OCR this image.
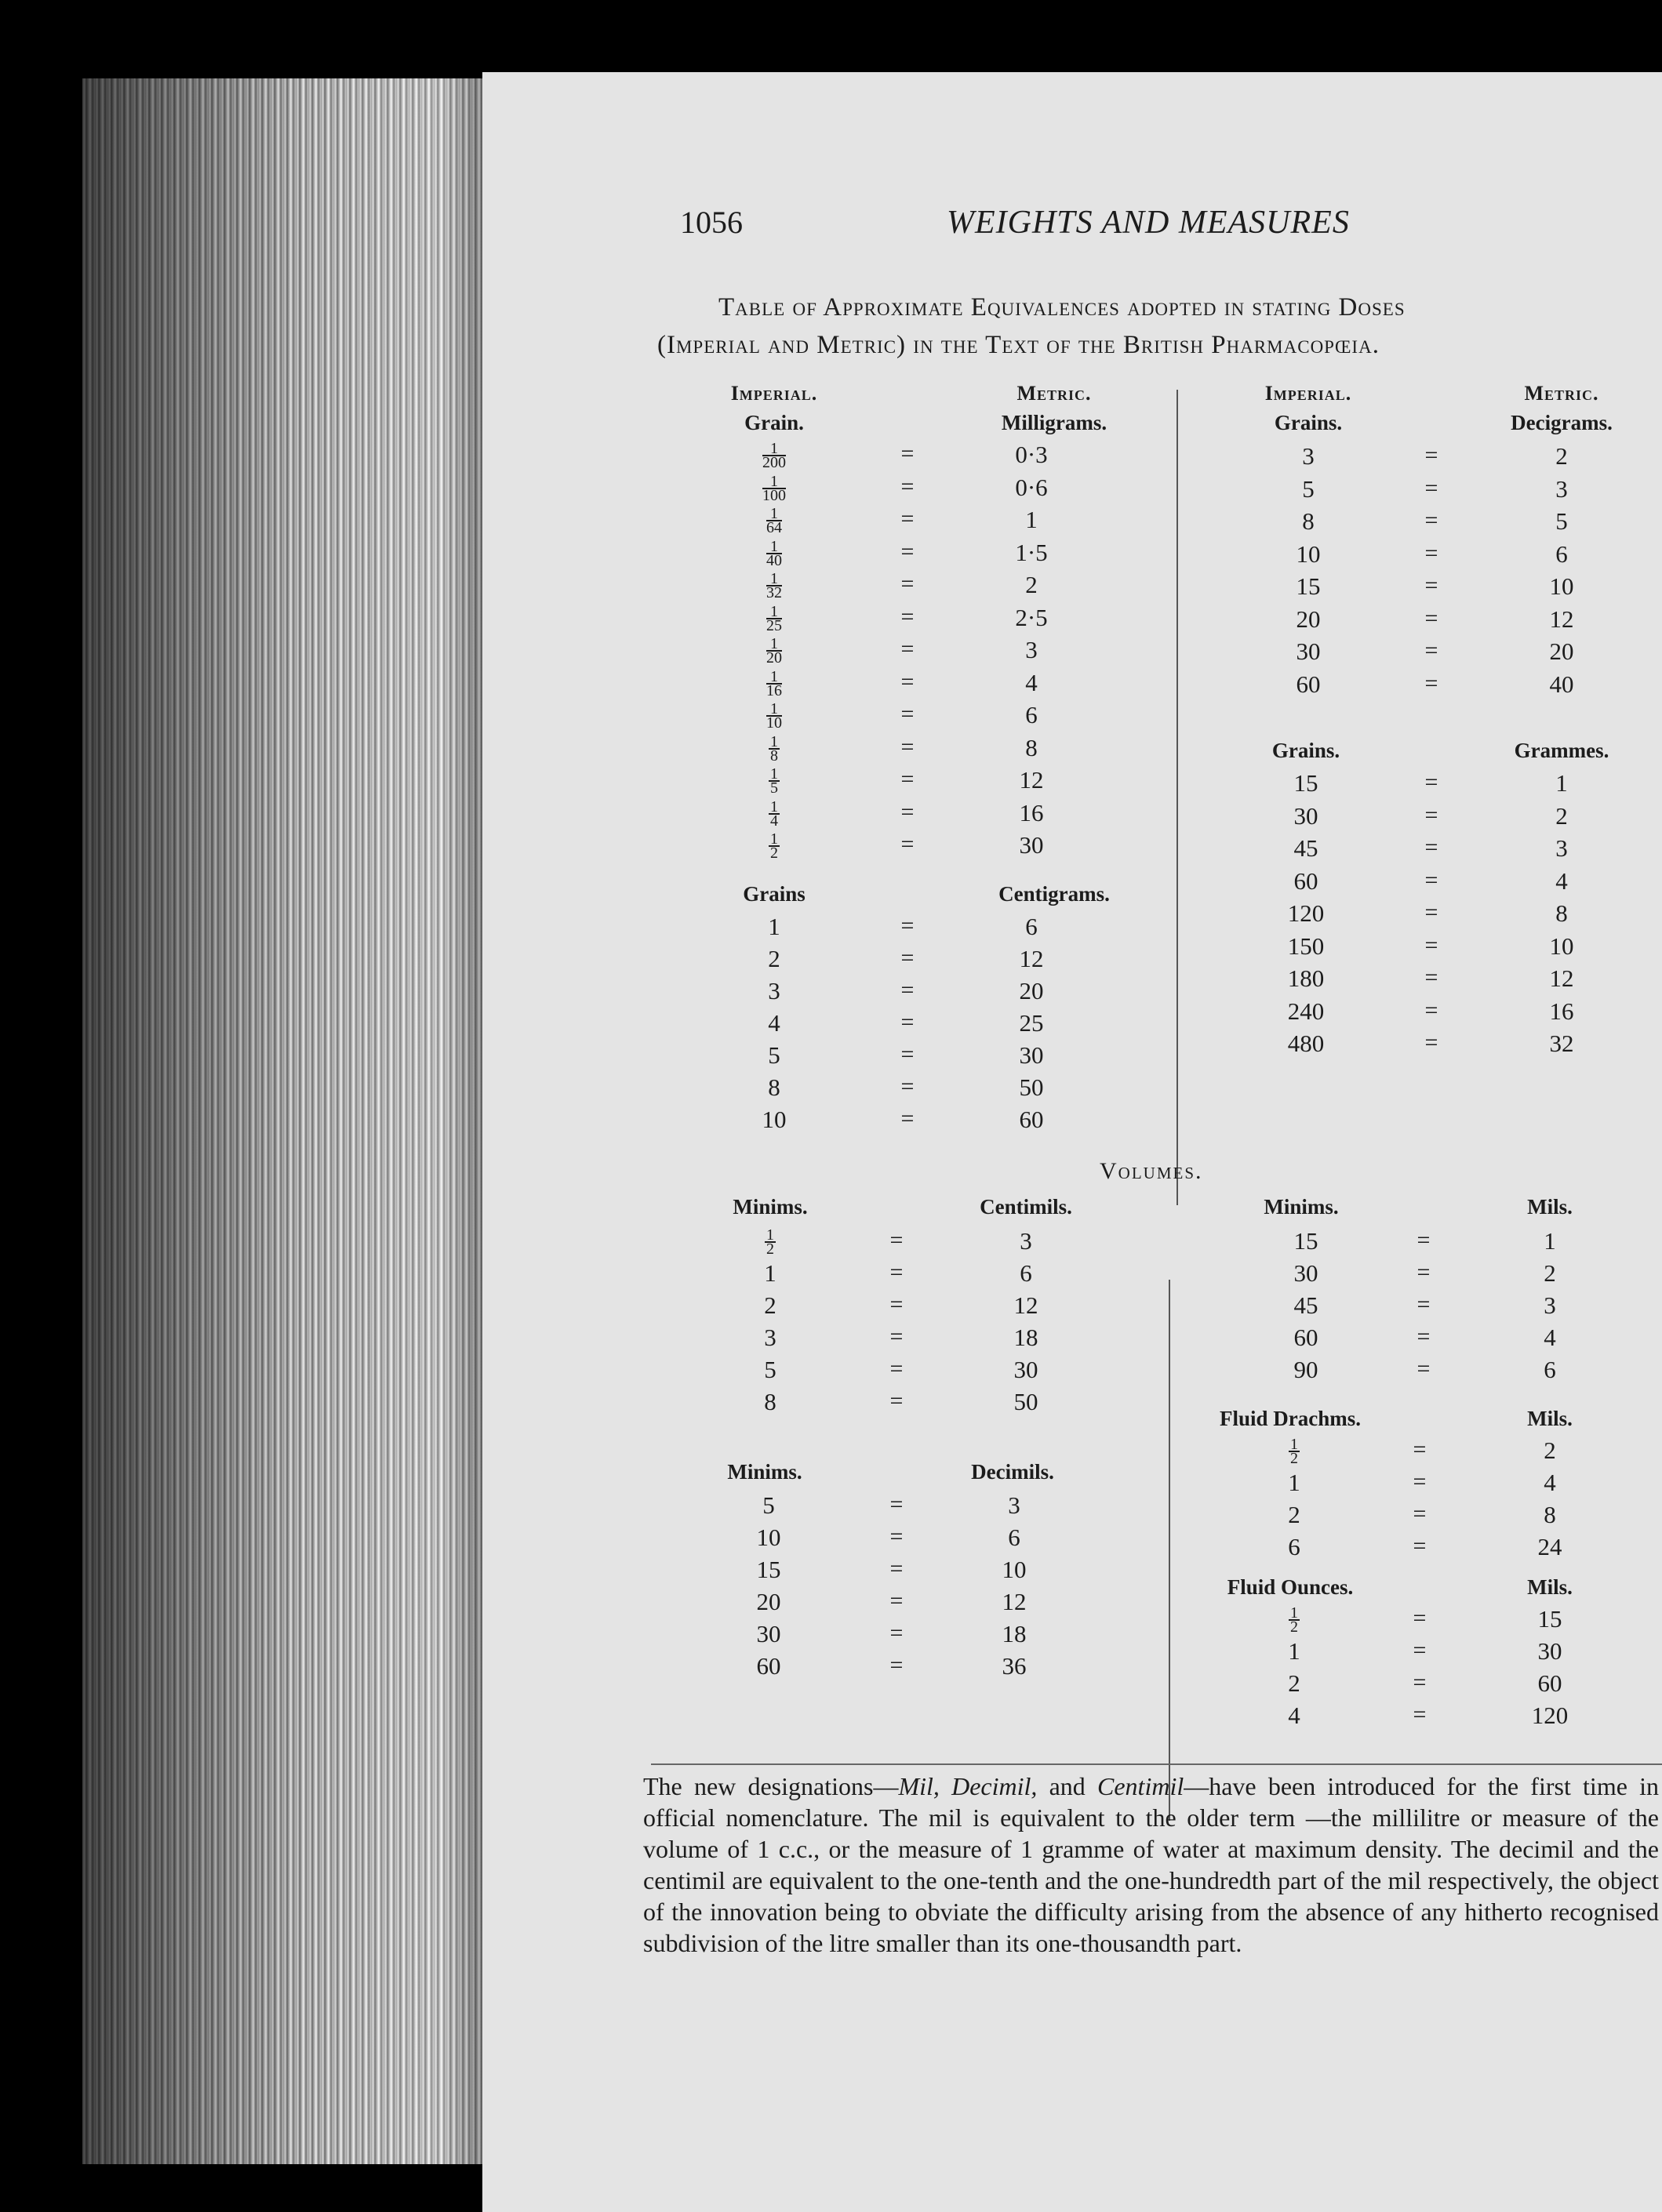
1056	WEIGHTS AND MEASURES
Table of Approximate Equivalences adopted in stating Doses
(Imperial and Metric) in the Text of the British Pharmacopœia.
Imperial.	Metric.
Grain.	Milligrams.
$\frac{1}{200}$	=	0·3
$\frac{1}{100}$	=	0·6
$\frac{1}{64}$	=	1
$\frac{1}{40}$	=	1·5
$\frac{1}{32}$	=	2
$\frac{1}{25}$	=	2·5
$\frac{1}{20}$	=	3
$\frac{1}{16}$	=	4
$\frac{1}{10}$	=	6
$\frac{1}{8}$	=	8
$\frac{1}{5}$	=	12
$\frac{1}{4}$	=	16
$\frac{1}{2}$	=	30
Grains	Centigrams.
1	=	6
2	=	12
3	=	20
4	=	25
5	=	30
8	=	50
10	=	60
Imperial.	Metric.
Grains.	Decigrams.
3	=	2
5	=	3
8	=	5
10	=	6
15	=	10
20	=	12
30	=	20
60	=	40
Grains.	Grammes.
15	=	1
30	=	2
45	=	3
60	=	4
120	=	8
150	=	10
180	=	12
240	=	16
480	=	32
Minims.	Centimils.
$\frac{1}{2}$	=	3
1	=	6
2	=	12
3	=	18
5	=	30
8	=	50
Minims.	Decimils.
5	=	3
10	=	6
15	=	10
20	=	12
30	=	18
60	=	36
Minims.	Mils.
15	=	1
30	=	2
45	=	3
60	=	4
90	=	6
Fluid Drachms.	Mils.
$\frac{1}{2}$	=	2
1	=	4
2	=	8
6	=	24
Fluid Ounces.	Mils.
$\frac{1}{2}$	=	15
1	=	30
2	=	60
4	=	120
Volumes.

The new designations—Mil, Decimil, and Centimil—have been introduced for the first time in official nomenclature. The mil is equivalent to the older term —the millilitre or measure of the volume of 1 c.c., or the measure of 1 gramme of water at maximum density. The decimil and the centimil are equivalent to the one-tenth and the one-hundredth part of the mil respectively, the object of the innovation being to obviate the difficulty arising from the absence of any hitherto recognised subdivision of the litre smaller than its one-thousandth part.
